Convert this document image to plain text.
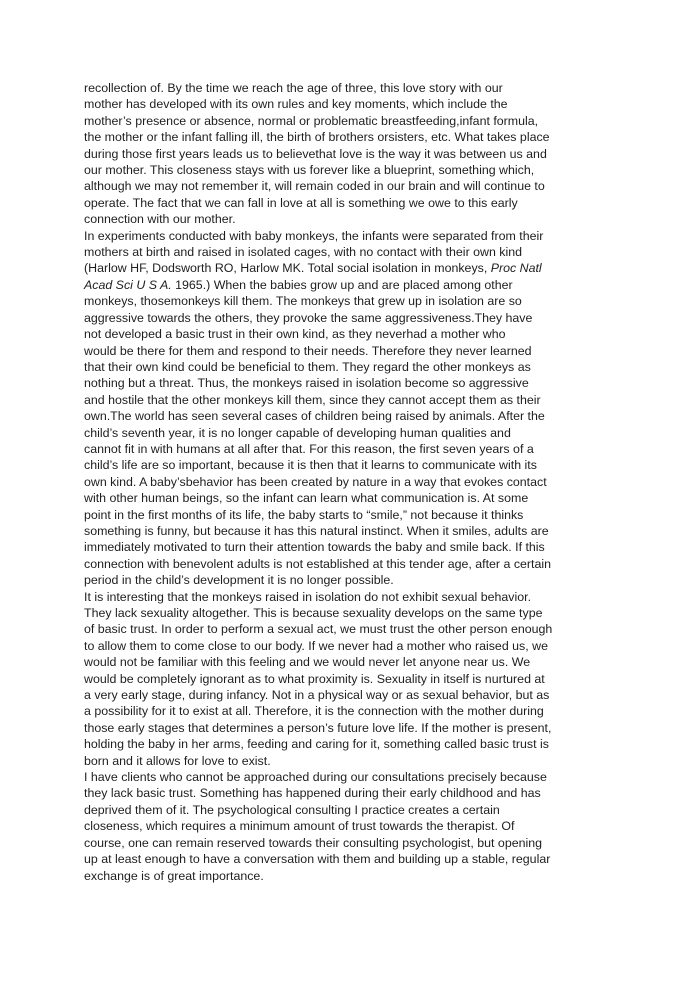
recollection of. By the time we reach the age of three, this love story with our
mother has developed with its own rules and key moments, which include the
mother’s presence or absence, normal or problematic breastfeeding,infant formula,
the mother or the infant falling ill, the birth of brothers orsisters, etc. What takes place
during those first years leads us to believethat love is the way it was between us and
our mother. This closeness stays with us forever like a blueprint, something which,
although we may not remember it, will remain coded in our brain and will continue to
operate. The fact that we can fall in love at all is something we owe to this early
connection with our mother.

In experiments conducted with baby monkeys, the infants were separated from their
mothers at birth and raised in isolated cages, with no contact with their own kind
(Harlow HF, Dodsworth RO, Harlow MK. Total social isolation in monkeys, Proc Natl
Acad Sci U S A. 1965.) When the babies grow up and are placed among other
monkeys, thosemonkeys kill them. The monkeys that grew up in isolation are so
aggressive towards the others, they provoke the same aggressiveness.They have
not developed a basic trust in their own kind, as they neverhad a mother who
would be there for them and respond to their needs. Therefore they never learned
that their own kind could be beneficial to them. They regard the other monkeys as
nothing but a threat. Thus, the monkeys raised in isolation become so aggressive
and hostile that the other monkeys kill them, since they cannot accept them as their
own.The world has seen several cases of children being raised by animals. After the
child’s seventh year, it is no longer capable of developing human qualities and
cannot fit in with humans at all after that. For this reason, the first seven years of a
child’s life are so important, because it is then that it learns to communicate with its
own kind. A baby’sbehavior has been created by nature in a way that evokes contact
with other human beings, so the infant can learn what communication is. At some
point in the first months of its life, the baby starts to “smile,” not because it thinks
something is funny, but because it has this natural instinct. When it smiles, adults are
immediately motivated to turn their attention towards the baby and smile back. If this
connection with benevolent adults is not established at this tender age, after a certain
period in the child’s development it is no longer possible.

It is interesting that the monkeys raised in isolation do not exhibit sexual behavior.
They lack sexuality altogether. This is because sexuality develops on the same type
of basic trust. In order to perform a sexual act, we must trust the other person enough
to allow them to come close to our body. If we never had a mother who raised us, we
would not be familiar with this feeling and we would never let anyone near us. We
would be completely ignorant as to what proximity is. Sexuality in itself is nurtured at
a very early stage, during infancy. Not in a physical way or as sexual behavior, but as
a possibility for it to exist at all. Therefore, it is the connection with the mother during
those early stages that determines a person’s future love life. If the mother is present,
holding the baby in her arms, feeding and caring for it, something called basic trust is
born and it allows for love to exist.

I have clients who cannot be approached during our consultations precisely because
they lack basic trust. Something has happened during their early childhood and has
deprived them of it. The psychological consulting I practice creates a certain
closeness, which requires a minimum amount of trust towards the therapist. Of
course, one can remain reserved towards their consulting psychologist, but opening
up at least enough to have a conversation with them and building up a stable, regular
exchange is of great importance.
